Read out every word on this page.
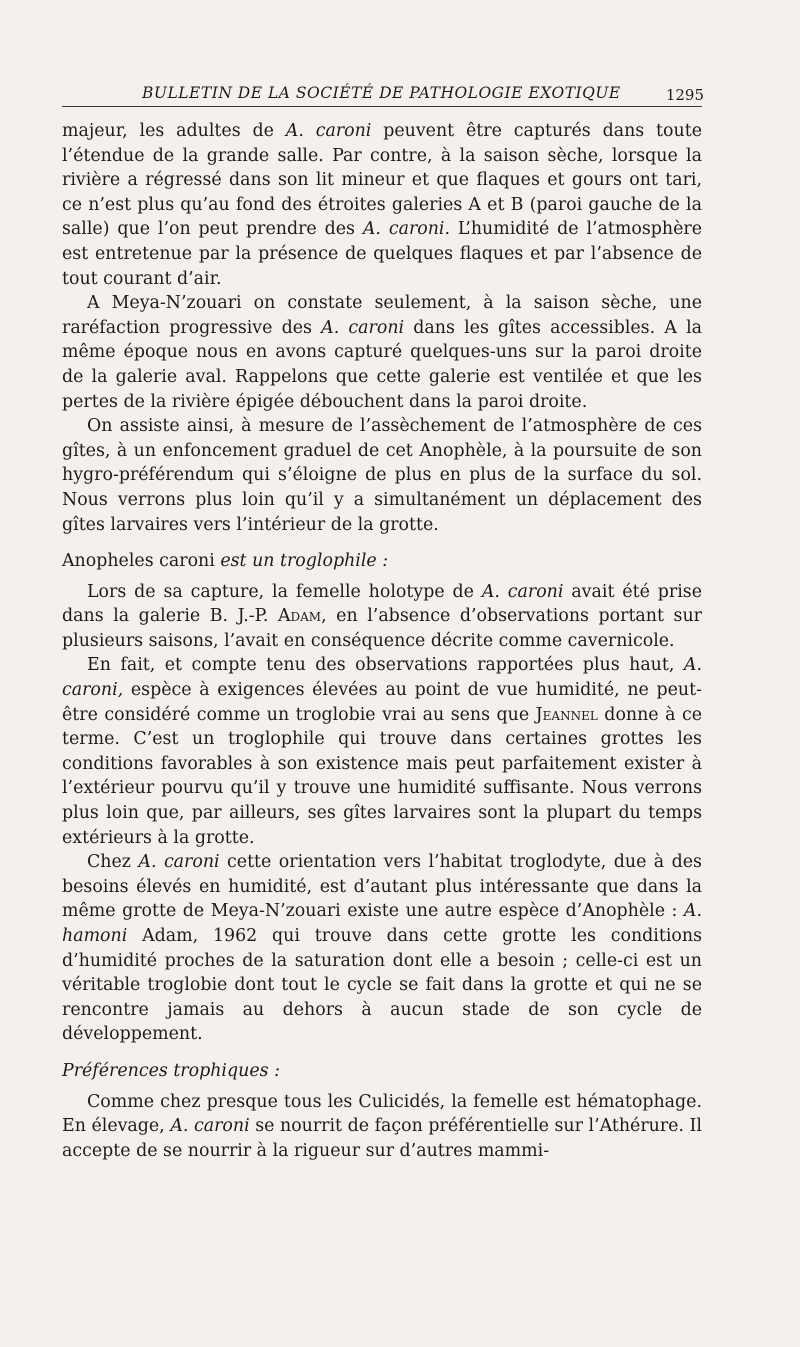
BULLETIN DE LA SOCIÉTÉ DE PATHOLOGIE EXOTIQUE	1295

majeur, les adultes de A. caroni peuvent être capturés dans toute l’étendue de la grande salle. Par contre, à la saison sèche, lorsque la rivière a régressé dans son lit mineur et que flaques et gours ont tari, ce n’est plus qu’au fond des étroites galeries A et B (paroi gauche de la salle) que l’on peut prendre des A. caroni. L’humidité de l’atmosphère est entretenue par la présence de quelques flaques et par l’absence de tout courant d’air.

A Meya-N’zouari on constate seulement, à la saison sèche, une raréfaction progressive des A. caroni dans les gîtes accessibles. A la même époque nous en avons capturé quelques-uns sur la paroi droite de la galerie aval. Rappelons que cette galerie est ventilée et que les pertes de la rivière épigée débouchent dans la paroi droite.

On assiste ainsi, à mesure de l’assèchement de l’atmosphère de ces gîtes, à un enfoncement graduel de cet Anophèle, à la poursuite de son hygro-préférendum qui s’éloigne de plus en plus de la surface du sol. Nous verrons plus loin qu’il y a simultanément un déplacement des gîtes larvaires vers l’intérieur de la grotte.

Anopheles caroni est un troglophile :

Lors de sa capture, la femelle holotype de A. caroni avait été prise dans la galerie B. J.-P. Adam, en l’absence d’observations portant sur plusieurs saisons, l’avait en conséquence décrite comme cavernicole.

En fait, et compte tenu des observations rapportées plus haut, A. caroni, espèce à exigences élevées au point de vue humidité, ne peut-être considéré comme un troglobie vrai au sens que Jeannel donne à ce terme. C’est un troglophile qui trouve dans certaines grottes les conditions favorables à son existence mais peut parfaitement exister à l’extérieur pourvu qu’il y trouve une humidité suffisante. Nous verrons plus loin que, par ailleurs, ses gîtes larvaires sont la plupart du temps extérieurs à la grotte.

Chez A. caroni cette orientation vers l’habitat troglodyte, due à des besoins élevés en humidité, est d’autant plus intéressante que dans la même grotte de Meya-N’zouari existe une autre espèce d’Anophèle : A. hamoni Adam, 1962 qui trouve dans cette grotte les conditions d’humidité proches de la saturation dont elle a besoin ; celle-ci est un véritable troglobie dont tout le cycle se fait dans la grotte et qui ne se rencontre jamais au dehors à aucun stade de son cycle de développement.

Préférences trophiques :

Comme chez presque tous les Culicidés, la femelle est hématophage. En élevage, A. caroni se nourrit de façon préférentielle sur l’Athérure. Il accepte de se nourrir à la rigueur sur d’autres mammi-
